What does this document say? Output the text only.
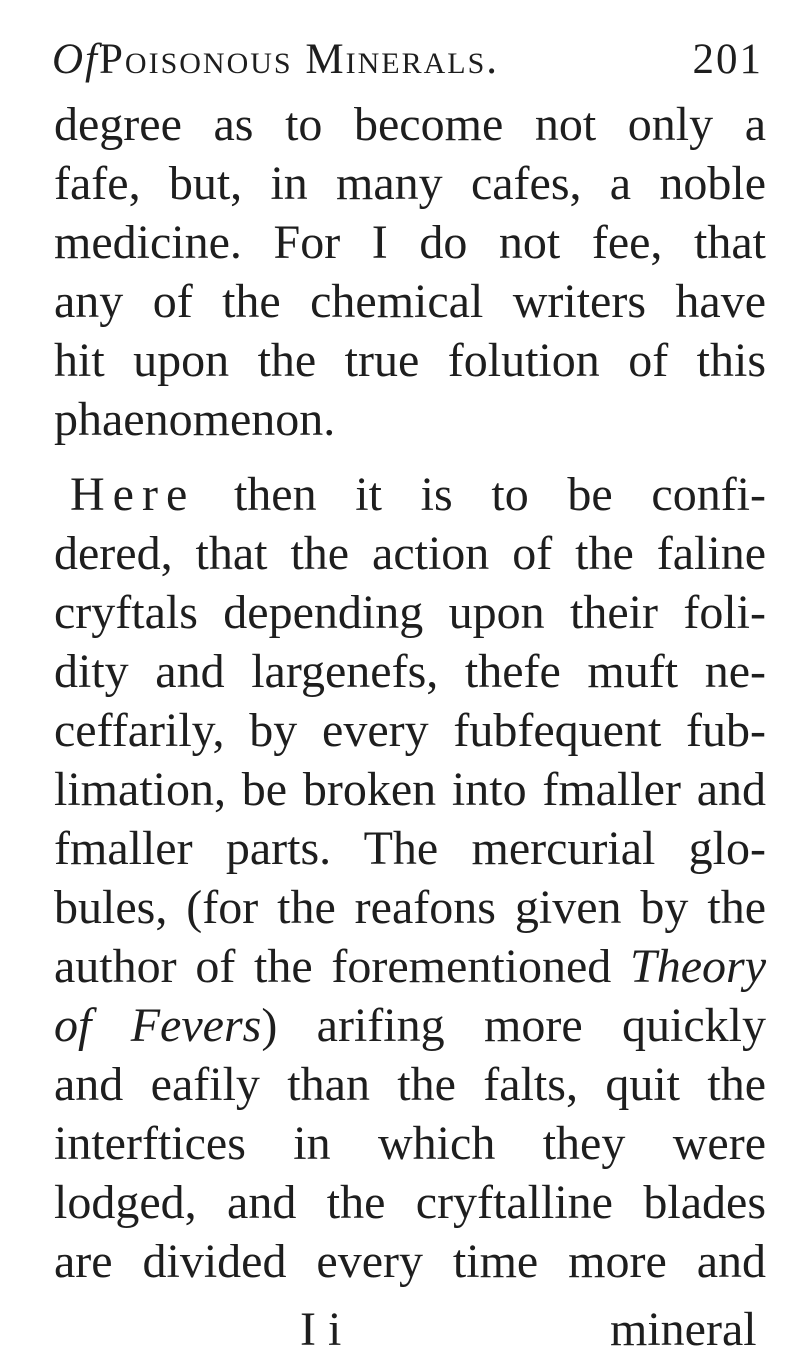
OfPoisonous Minerals.	201
degree as to become not only a
fafe, but, in many cafes, a noble
medicine. For I do not fee, that
any of the chemical writers have
hit upon the true folution of this
phaenomenon.
Here then it is to be confi-
dered, that the action of the faline
cryftals depending upon their foli-
dity and largenefs, thefe muft ne-
ceffarily, by every fubfequent fub-
limation, be broken into fmaller and
fmaller parts. The mercurial glo-
bules, (for the reafons given by the
author of the forementioned Theory
of Fevers) arifing more quickly
and eafily than the falts, quit the
interftices in which they were
lodged, and the cryftalline blades
are divided every time more and
I i	mineral
